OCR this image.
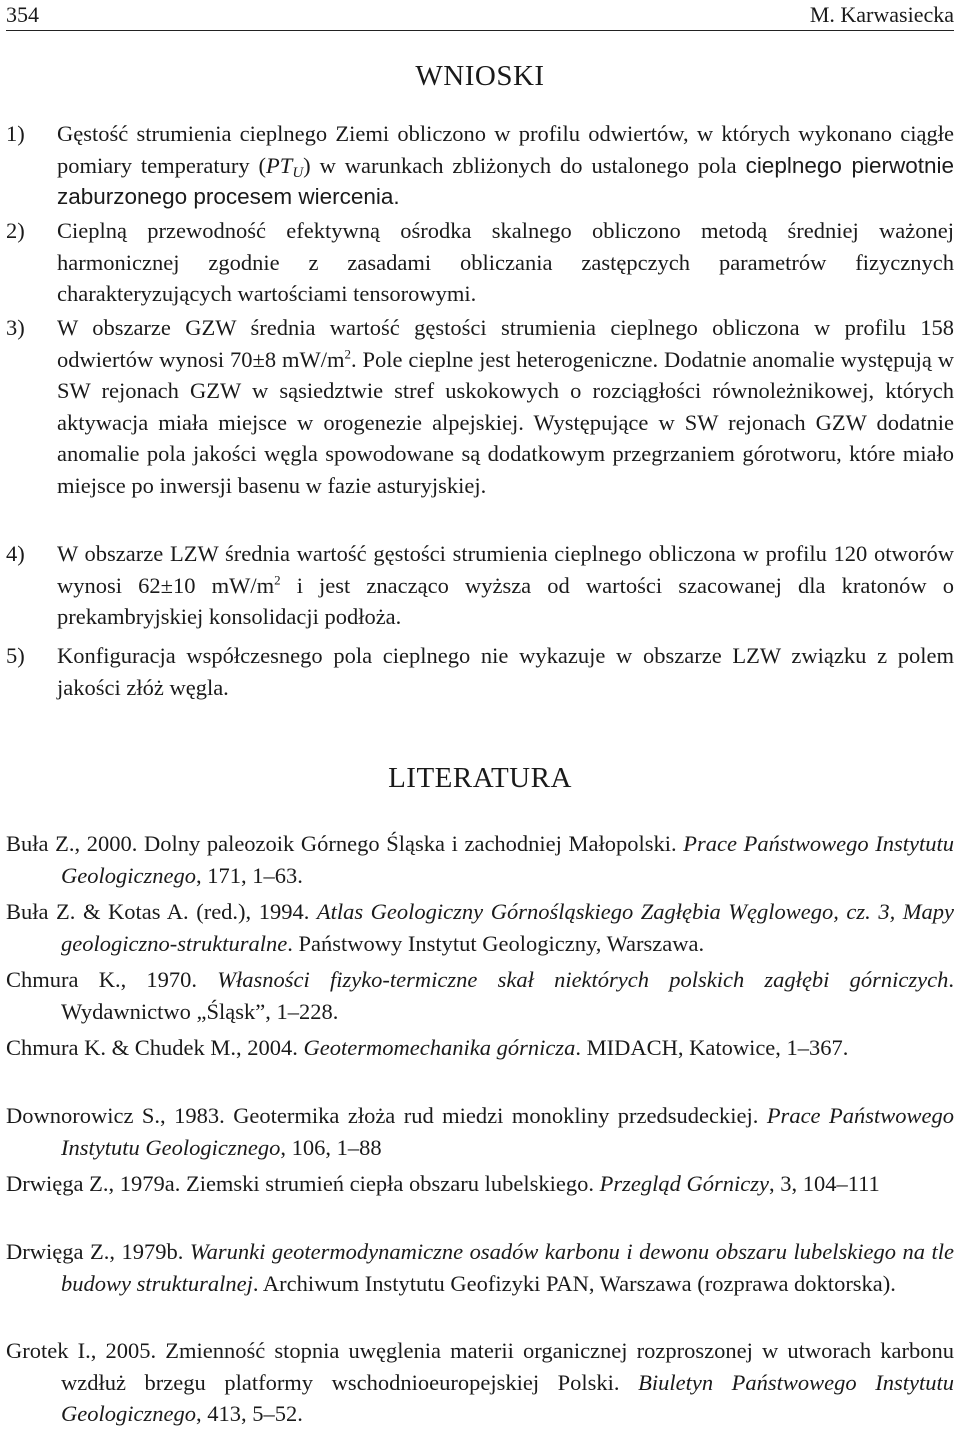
354	M. Karwasiecka
WNIOSKI
1)	Gęstość strumienia cieplnego Ziemi obliczono w profilu odwiertów, w których wykonano ciągłe pomiary temperatury $(PT_U)$ w warunkach zbliżonych do ustalonego pola cieplnego pierwotnie zaburzonego procesem wiercenia.
2)	Cieplną przewodność efektywną ośrodka skalnego obliczono metodą średniej ważonej harmonicznej zgodnie z zasadami obliczania zastępczych parametrów fizycznych charakteryzujących wartościami tensorowymi.
3)	W obszarze GZW średnia wartość gęstości strumienia cieplnego obliczona w profilu 158 odwiertów wynosi 70±8 $mW/m^2$. Pole cieplne jest heterogeniczne. Dodatnie anomalie występują w SW rejonach GZW w sąsiedztwie stref uskokowych o rozciągłości równoleżnikowej, których aktywacja miała miejsce w orogenezie alpejskiej. Występujące w SW rejonach GZW dodatnie anomalie pola jakości węgla spowodowane są dodatkowym przegrzaniem górotworu, które miało miejsce po inwersji basenu w fazie asturyjskiej.
4)	W obszarze LZW średnia wartość gęstości strumienia cieplnego obliczona w profilu 120 otworów wynosi 62±10 $mW/m^2$ i jest znacząco wyższa od wartości szacowanej dla kratonów o prekambryjskiej konsolidacji podłoża.
5)	Konfiguracja współczesnego pola cieplnego nie wykazuje w obszarze LZW związku z polem jakości złóż węgla.
LITERATURA
Buła Z., 2000. Dolny paleozoik Górnego Śląska i zachodniej Małopolski. Prace Państwowego Instytutu Geologicznego, 171, 1–63.
Buła Z. & Kotas A. (red.), 1994. Atlas Geologiczny Górnośląskiego Zagłębia Węglowego, cz. 3, Mapy geologiczno-strukturalne. Państwowy Instytut Geologiczny, Warszawa.
Chmura K., 1970. Własności fizyko-termiczne skał niektórych polskich zagłębi górniczych. Wydawnictwo „Śląsk”, 1–228.
Chmura K. & Chudek M., 2004. Geotermomechanika górnicza. MIDACH, Katowice, 1–367.
Downorowicz S., 1983. Geotermika złoża rud miedzi monokliny przedsudeckiej. Prace Państwowego Instytutu Geologicznego, 106, 1–88
Drwięga Z., 1979a. Ziemski strumień ciepła obszaru lubelskiego. Przegląd Górniczy, 3, 104–111
Drwięga Z., 1979b. Warunki geotermodynamiczne osadów karbonu i dewonu obszaru lubelskiego na tle budowy strukturalnej. Archiwum Instytutu Geofizyki PAN, Warszawa (rozprawa doktorska).
Grotek I., 2005. Zmienność stopnia uwęglenia materii organicznej rozproszonej w utworach karbonu wzdłuż brzegu platformy wschodnioeuropejskiej Polski. Biuletyn Państwowego Instytutu Geologicznego, 413, 5–52.
